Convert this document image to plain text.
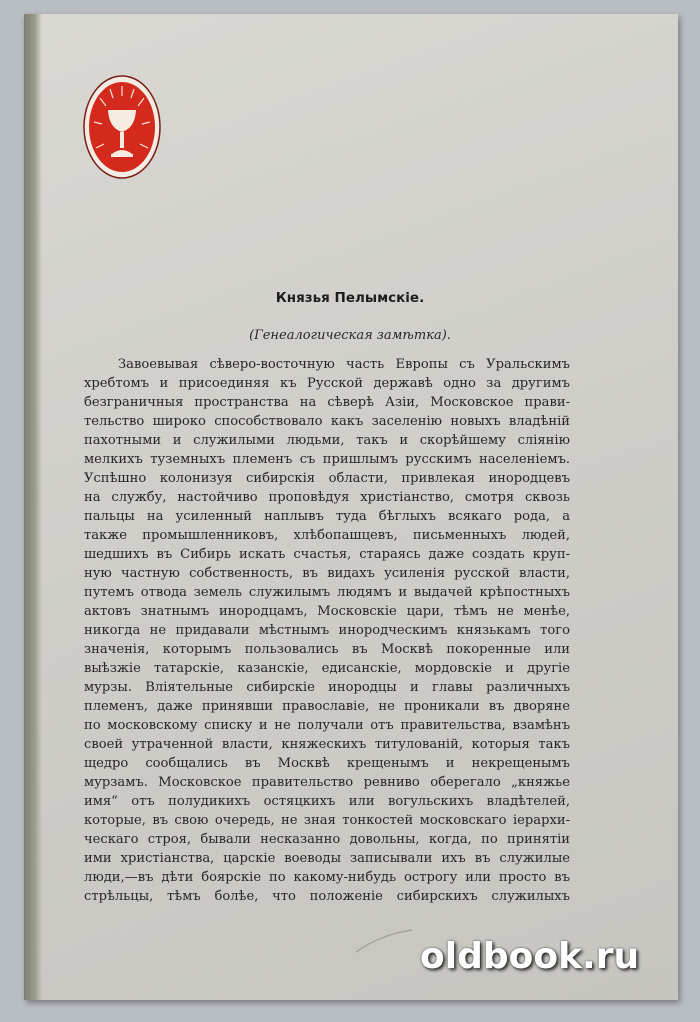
Князья Пелымскіе.
(Генеалогическая замѣтка).
Завоевывая сѣверо-восточную часть Европы съ Уральскимъ
хребтомъ и присоединяя къ Русской державѣ одно за другимъ
безграничныя пространства на сѣверѣ Азіи, Московское прави-
тельство широко способствовало какъ заселенію новыхъ владѣній
пахотными и служилыми людьми, такъ и скорѣйшему слiянію
мелкихъ туземныхъ племенъ съ пришлымъ русскимъ населеніемъ.
Успѣшно колонизуя сибирскія области, привлекая инородцевъ
на службу, настойчиво проповѣдуя христіанство, смотря сквозь
пальцы на усиленный наплывъ туда бѣглыхъ всякаго рода, а
также промышленниковъ, хлѣбопашцевъ, письменныхъ людей,
шедшихъ въ Сибирь искать счастья, стараясь даже создать круп-
ную частную собственность, въ видахъ усиленія русской власти,
путемъ отвода земель служилымъ людямъ и выдачей крѣпостныхъ
актовъ знатнымъ инородцамъ, Московскіе цари, тѣмъ не менѣе,
никогда не придавали мѣстнымъ инородческимъ князькамъ того
значенія, которымъ пользовались въ Москвѣ покоренные или
выѣзжіе татарскіе, казанскіе, едисанскіе, мордовскіе и другіе
мурзы. Вліятельные сибирскіе инородцы и главы различныхъ
племенъ, даже принявши православіе, не проникали въ дворяне
по московскому списку и не получали отъ правительства, взамѣнъ
своей утраченной власти, княжескихъ титулованій, которыя такъ
щедро сообщались въ Москвѣ крещенымъ и некрещенымъ
мурзамъ. Московское правительство ревниво оберегало „княжье
имя“ отъ полудикихъ остяцкихъ или вогульскихъ владѣтелей,
которые, въ свою очередь, не зная тонкостей московскаго iерархи-
ческаго строя, бывали несказанно довольны, когда, по принятіи
ими христіанства, царскіе воеводы записывали ихъ въ служилые
люди,—въ дѣти боярскіе по какому-нибудь острогу или просто въ
стрѣльцы, тѣмъ болѣе, что положеніе сибирскихъ служилыхъ
oldbook.ru
